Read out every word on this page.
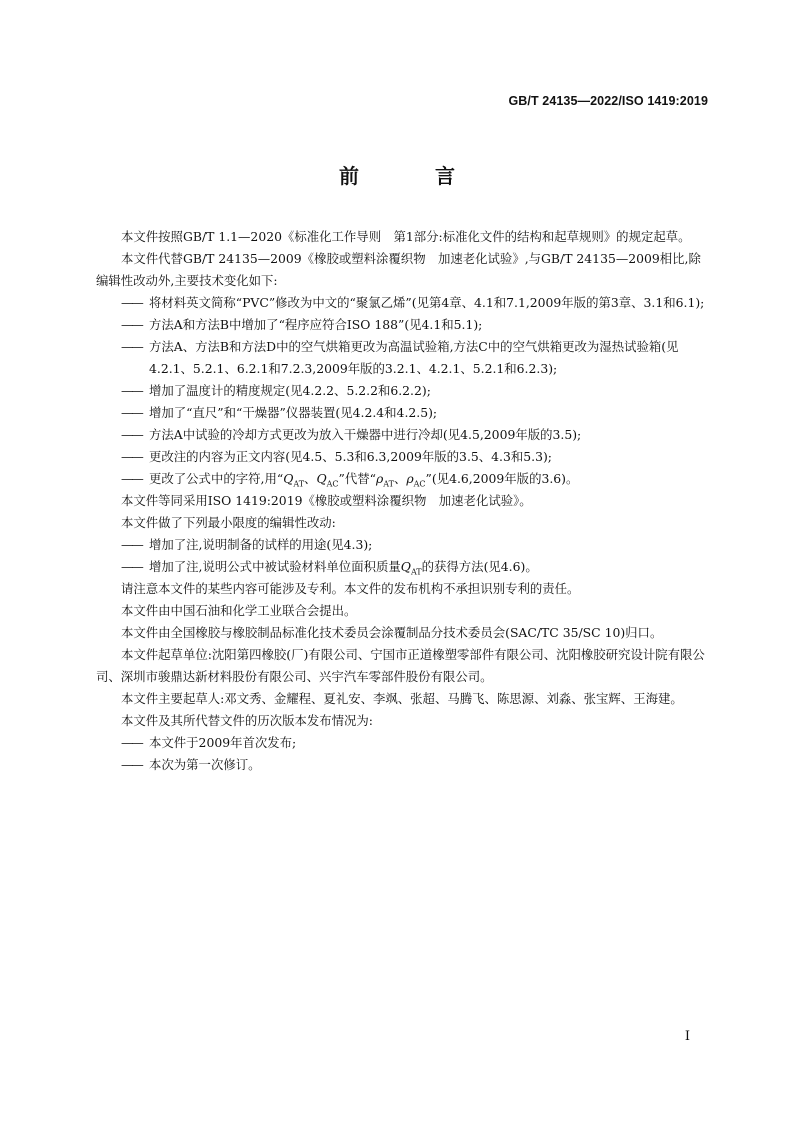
GB/T 24135—2022/ISO 1419:2019
前　言
本文件按照GB/T 1.1—2020《标准化工作导则　第1部分:标准化文件的结构和起草规则》的规定起草。
本文件代替GB/T 24135—2009《橡胶或塑料涂覆织物　加速老化试验》,与GB/T 24135—2009相比,除编辑性改动外,主要技术变化如下:
—— 将材料英文简称“PVC”修改为中文的“聚氯乙烯”(见第4章、4.1和7.1,2009年版的第3章、3.1和6.1);
—— 方法A和方法B中增加了“程序应符合ISO 188”(见4.1和5.1);
—— 方法A、方法B和方法D中的空气烘箱更改为高温试验箱,方法C中的空气烘箱更改为湿热试验箱(见4.2.1、5.2.1、6.2.1和7.2.3,2009年版的3.2.1、4.2.1、5.2.1和6.2.3);
—— 增加了温度计的精度规定(见4.2.2、5.2.2和6.2.2);
—— 增加了“直尺”和“干燥器”仪器装置(见4.2.4和4.2.5);
—— 方法A中试验的冷却方式更改为放入干燥器中进行冷却(见4.5,2009年版的3.5);
—— 更改注的内容为正文内容(见4.5、5.3和6.3,2009年版的3.5、4.3和5.3);
—— 更改了公式中的字符,用“$Q_{AT}$、$Q_{AC}$”代替“$\rho_{AT}$、$\rho_{AC}$”(见4.6,2009年版的3.6)。
本文件等同采用ISO 1419:2019《橡胶或塑料涂覆织物　加速老化试验》。
本文件做了下列最小限度的编辑性改动:
—— 增加了注,说明制备的试样的用途(见4.3);
—— 增加了注,说明公式中被试验材料单位面积质量$Q_{AT}$的获得方法(见4.6)。
请注意本文件的某些内容可能涉及专利。本文件的发布机构不承担识别专利的责任。
本文件由中国石油和化学工业联合会提出。
本文件由全国橡胶与橡胶制品标准化技术委员会涂覆制品分技术委员会(SAC/TC 35/SC 10)归口。
本文件起草单位:沈阳第四橡胶(厂)有限公司、宁国市正道橡塑零部件有限公司、沈阳橡胶研究设计院有限公司、深圳市骏鼎达新材料股份有限公司、兴宇汽车零部件股份有限公司。
本文件主要起草人:邓文秀、金耀程、夏礼安、李飒、张超、马腾飞、陈思源、刘淼、张宝辉、王海建。
本文件及其所代替文件的历次版本发布情况为:
—— 本文件于2009年首次发布;
—— 本次为第一次修订。
I
